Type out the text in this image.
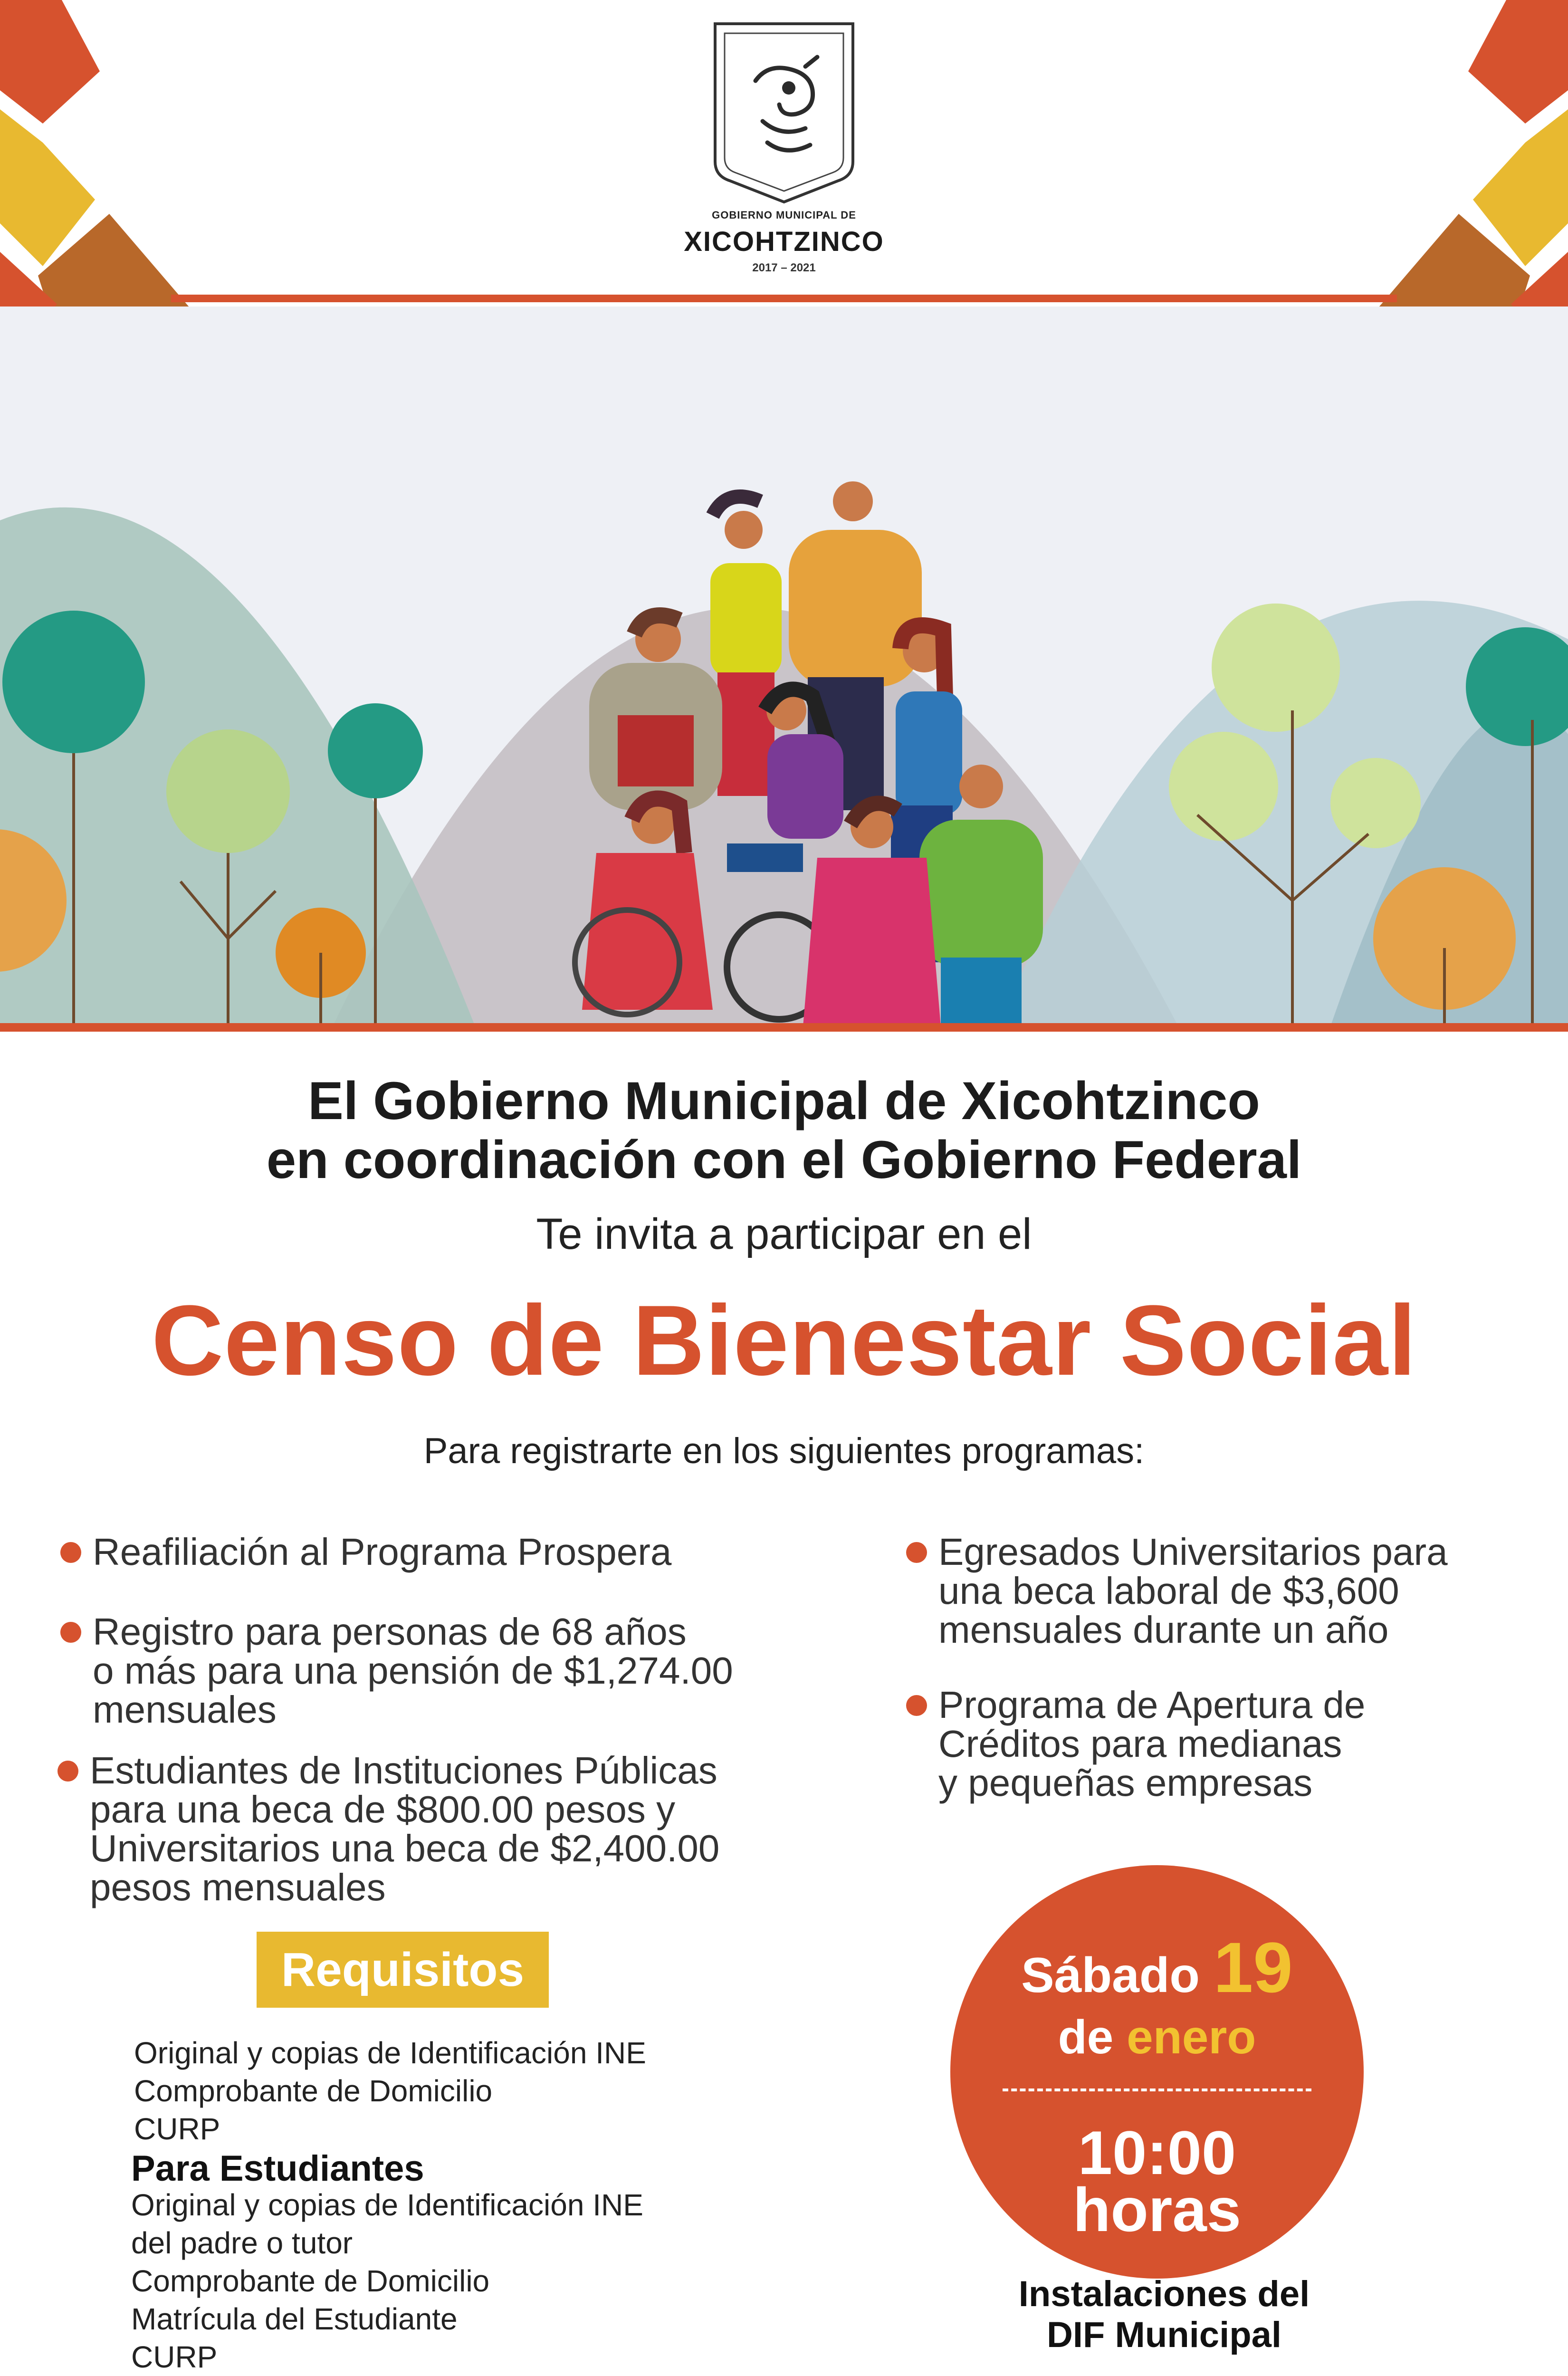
GOBIERNO MUNICIPAL DE
XICOHTZINCO
2017 – 2021
El Gobierno Municipal de Xicohtzinco
en coordinación con el Gobierno Federal
Te invita a participar en el
Censo de Bienestar Social
Para registrarte en los siguientes programas:
Reafiliación al Programa Prospera
Registro para personas de 68 años
o más para una pensión de $1,274.00
mensuales
Estudiantes de Instituciones Públicas
para una beca de $800.00 pesos y
Universitarios una beca de $2,400.00
pesos mensuales
Egresados Universitarios para
una beca laboral de $3,600
mensuales durante un año
Programa de Apertura de
Créditos para medianas
y pequeñas empresas
Requisitos
Original y copias de Identificación INE
Comprobante de Domicilio
CURP
Para Estudiantes
Original y copias de Identificación INE
del padre o tutor
Comprobante de Domicilio
Matrícula del Estudiante
CURP
Sábado 19
de enero
10:00
horas
Instalaciones del
DIF Municipal
